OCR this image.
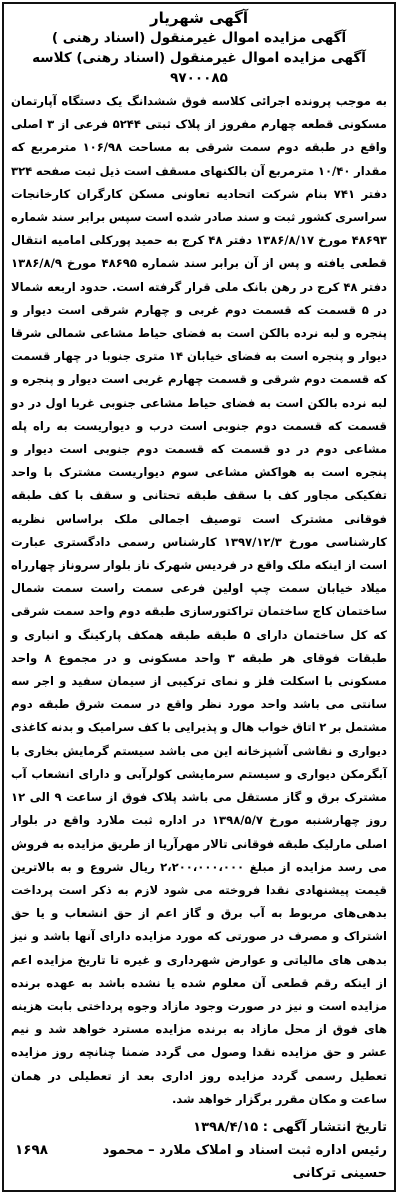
آگهی شهریار
آگهی مزایده اموال غیرمنقول (اسناد رهنی )
آگهی مزایده اموال غیرمنقول (اسناد رهنی) کلاسه ۹۷۰۰۰۸۵
به موجب پرونده اجرائی کلاسه فوق ششدانگ یک دستگاه آپارتمان مسکونی قطعه چهارم مفروز از پلاک ثبتی ۵۲۴۴ فرعی از ۳ اصلی واقع در طبقه دوم سمت شرقی به مساحت ۱۰۶/۹۸ مترمربع که مقدار ۱۰/۴۰ مترمربع آن بالکنهای مسقف است ذیل ثبت صفحه ۳۲۴ دفتر ۷۴۱ بنام شرکت اتحادیه تعاونی مسکن کارگران کارخانجات سراسری کشور ثبت و سند صادر شده است سپس برابر سند شماره ۴۸۶۹۳ مورخ ۱۳۸۶/۸/۱۷ دفتر ۴۸ کرج به حمید پورکلی امامیه انتقال قطعی یافته و پس از آن برابر سند شماره ۴۸۶۹۵ مورخ ۱۳۸۶/۸/۹ دفتر ۴۸ کرج در رهن بانک ملی قرار گرفته است. حدود اربعه شمالا در ۵ قسمت که قسمت دوم غربی و چهارم شرقی است دیوار و پنجره و لبه نرده بالکن است به فضای حیاط مشاعی شمالی شرقا دیوار و پنجره است به فضای خیابان ۱۴ متری جنوبا در چهار قسمت که قسمت دوم شرقی و قسمت چهارم غربی است دیوار و پنجره و لبه نرده بالکن است به فضای حیاط مشاعی جنوبی غربا اول در دو قسمت که قسمت دوم جنوبی است درب و دیواریست به راه پله مشاعی دوم در دو قسمت که قسمت دوم جنوبی است دیوار و پنجره است به هواکش مشاعی سوم دیواریست مشترک با واحد تفکیکی مجاور کف با سقف طبقه تحتانی و سقف با کف طبقه فوقانی مشترک است توصیف اجمالی ملک براساس نظریه کارشناسی مورخ ۱۳۹۷/۱۲/۳ کارشناس رسمی دادگستری عبارت است از اینکه ملک واقع در فردیس شهرک ناز بلوار سروناز چهارراه میلاد خیابان سمت چپ اولین فرعی سمت راست سمت شمال ساختمان کاج ساختمان تراکتورسازی طبقه دوم واحد سمت شرقی که کل ساختمان دارای ۵ طبقه طبقه همکف پارکینگ و انباری و طبقات فوقای هر طبقه ۳ واحد مسکونی و در مجموع ۸ واحد مسکونی با اسکلت فلز و نمای ترکیبی از سیمان سفید و اجر سه سانتی می باشد واحد مورد نظر واقع در سمت شرق طبقه دوم مشتمل بر ۲ اتاق خواب هال و پذیرایی با کف سرامیک و بدنه کاغذی دیواری و نقاشی آشپزخانه این می باشد سیستم گرمایش بخاری با آبگرمکن دیواری و سیستم سرمایشی کولرآبی و دارای انشعاب آب مشترک برق و گاز مستقل می باشد پلاک فوق از ساعت ۹ الی ۱۲ روز چهارشنبه مورخ ۱۳۹۸/۵/۷ در اداره ثبت ملارد واقع در بلوار اصلی مارلیک طبقه فوقانی تالار مهرآریا از طریق مزایده به فروش می رسد مزایده از مبلغ ۲،۲۰۰،۰۰۰،۰۰۰ ریال شروع و به بالاترین قیمت پیشنهادی نقدا فروخته می شود لازم به ذکر است پرداخت بدهی‌های مربوط به آب برق و گاز اعم از حق انشعاب و یا حق اشتراک و مصرف در صورتی که مورد مزایده دارای آنها باشد و نیز بدهی های مالیاتی و عوارض شهرداری و غیره تا تاریخ مزایده اعم از اینکه رقم قطعی آن معلوم شده یا نشده باشد به عهده برنده مزایده است و نیز در صورت وجود مازاد وجوه پرداختی بابت هزینه های فوق از محل مازاد به برنده مزایده مسترد خواهد شد و نیم عشر و حق مزایده نقدا وصول می گردد ضمنا چنانچه روز مزایده تعطیل رسمی گردد مزایده روز اداری بعد از تعطیلی در همان ساعت و مکان مقرر برگزار خواهد شد.
تاریخ انتشار آگهی : ۱۳۹۸/۴/۱۵
رئیس اداره ثبت اسناد و املاک ملارد – محمود حسینی ترکانی
۱۶۹۸
